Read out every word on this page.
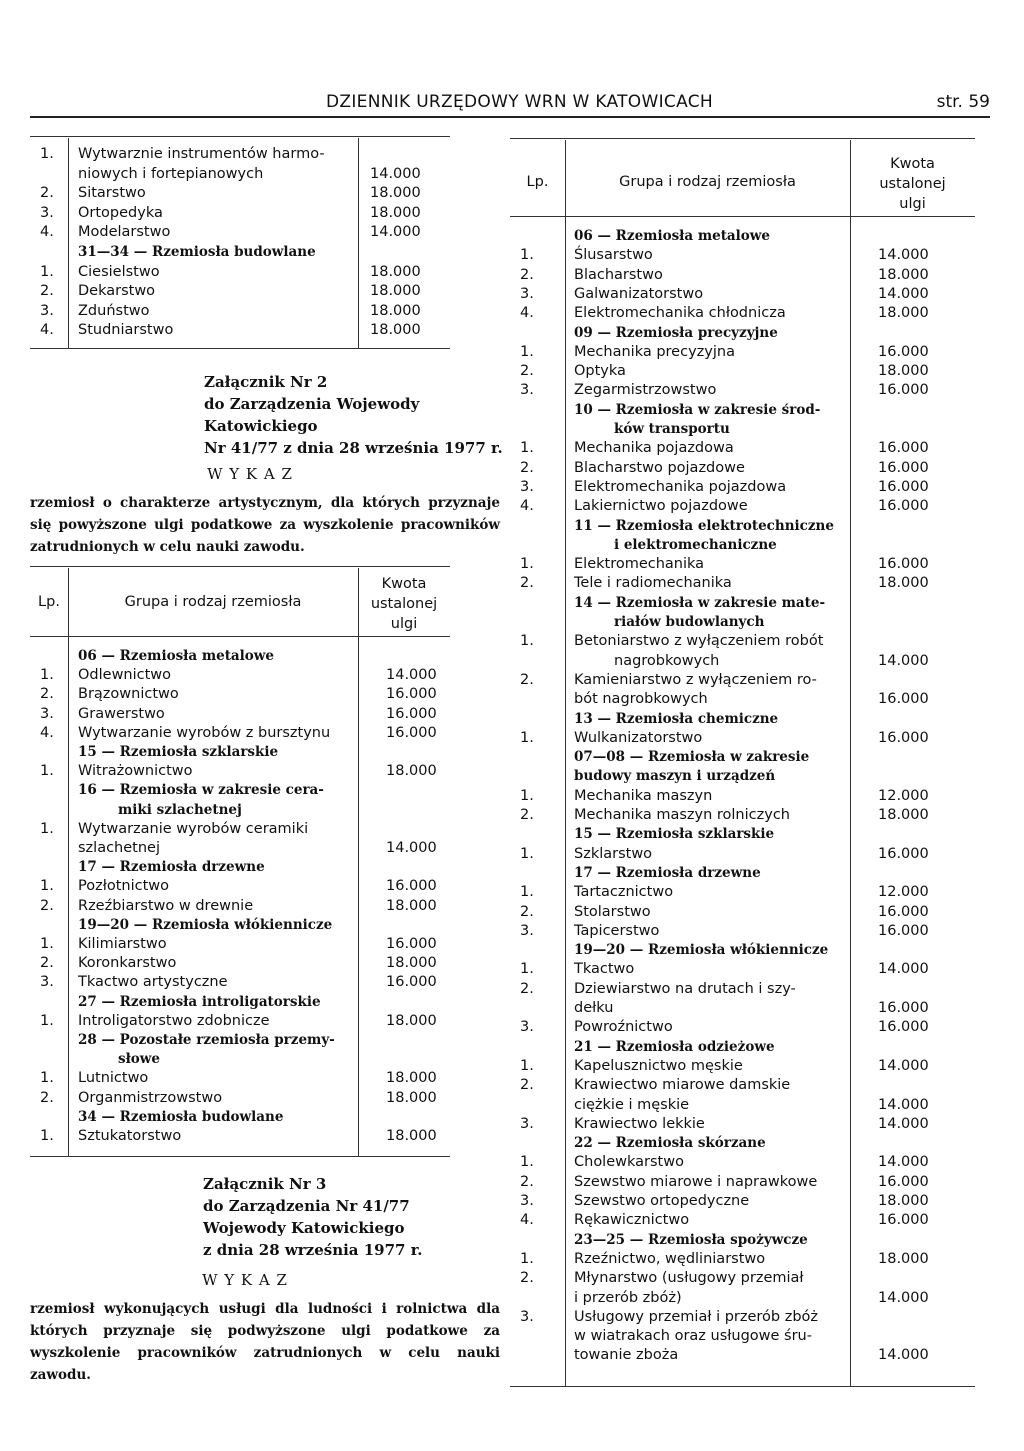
DZIENNIK URZĘDOWY WRN W KATOWICACH	str. 59
1.	Wytwarznie instrumentów harmo-
niowych i fortepianowych	14.000
2.	Sitarstwo	18.000
3.	Ortopedyka	18.000
4.	Modelarstwo	14.000
31—34 — Rzemiosła budowlane
1.	Ciesielstwo	18.000
2.	Dekarstwo	18.000
3.	Zduństwo	18.000
4.	Studniarstwo	18.000
Załącznik Nr 2
do Zarządzenia Wojewody
Katowickiego
Nr 41/77 z dnia 28 września 1977 r.
W Y K A Z
rzemiosł o charakterze artystycznym, dla których przyznaje się powyższone ulgi podatkowe za wyszkolenie pracowników zatrudnionych w celu nauki zawodu.
Lp.	Grupa i rodzaj rzemiosła
Kwota
ustalonej
ulgi
06 — Rzemiosła metalowe
1.	Odlewnictwo	14.000
2.	Brązownictwo	16.000
3.	Grawerstwo	16.000
4.	Wytwarzanie wyrobów z bursztynu	16.000
15 — Rzemiosła szklarskie
1.	Witrażownictwo	18.000
16 — Rzemiosła w zakresie cera-
miki szlachetnej
1.	Wytwarzanie wyrobów ceramiki
szlachetnej	14.000
17 — Rzemiosła drzewne
1.	Pozłotnictwo	16.000
2.	Rzeźbiarstwo w drewnie	18.000
19—20 — Rzemiosła włókiennicze
1.	Kilimiarstwo	16.000
2.	Koronkarstwo	18.000
3.	Tkactwo artystyczne	16.000
27 — Rzemiosła introligatorskie
1.	Introligatorstwo zdobnicze	18.000
28 — Pozostałe rzemiosła przemy-
słowe
1.	Lutnictwo	18.000
2.	Organmistrzowstwo	18.000
34 — Rzemiosła budowlane
1.	Sztukatorstwo	18.000
Załącznik Nr 3
do Zarządzenia Nr 41/77
Wojewody Katowickiego
z dnia 28 września 1977 r.
W Y K A Z
rzemiosł wykonujących usługi dla ludności i rolnictwa dla których przyznaje się podwyższone ulgi podatkowe za wyszkolenie pracowników zatrudnionych w celu nauki zawodu.
Lp.	Grupa i rodzaj rzemiosła
Kwota
ustalonej
ulgi
06 — Rzemiosła metalowe
1.	Ślusarstwo	14.000
2.	Blacharstwo	18.000
3.	Galwanizatorstwo	14.000
4.	Elektromechanika chłodnicza	18.000
09 — Rzemiosła precyzyjne
1.	Mechanika precyzyjna	16.000
2.	Optyka	18.000
3.	Zegarmistrzowstwo	16.000
10 — Rzemiosła w zakresie środ-
ków transportu
1.	Mechanika pojazdowa	16.000
2.	Blacharstwo pojazdowe	16.000
3.	Elektromechanika pojazdowa	16.000
4.	Lakiernictwo pojazdowe	16.000
11 — Rzemiosła elektrotechniczne
i elektromechaniczne
1.	Elektromechanika	16.000
2.	Tele i radiomechanika	18.000
14 — Rzemiosła w zakresie mate-
riałów budowlanych
1.	Betoniarstwo z wyłączeniem robót
nagrobkowych	14.000
2.	Kamieniarstwo z wyłączeniem ro-
bót nagrobkowych	16.000
13 — Rzemiosła chemiczne
1.	Wulkanizatorstwo	16.000
07—08 — Rzemiosła w zakresie
budowy maszyn i urządzeń
1.	Mechanika maszyn	12.000
2.	Mechanika maszyn rolniczych	18.000
15 — Rzemiosła szklarskie
1.	Szklarstwo	16.000
17 — Rzemiosła drzewne
1.	Tartacznictwo	12.000
2.	Stolarstwo	16.000
3.	Tapicerstwo	16.000
19—20 — Rzemiosła włókiennicze
1.	Tkactwo	14.000
2.	Dziewiarstwo na drutach i szy-
dełku	16.000
3.	Powroźnictwo	16.000
21 — Rzemiosła odzieżowe
1.	Kapelusznictwo męskie	14.000
2.	Krawiectwo miarowe damskie
ciężkie i męskie	14.000
3.	Krawiectwo lekkie	14.000
22 — Rzemiosła skórzane
1.	Cholewkarstwo	14.000
2.	Szewstwo miarowe i naprawkowe	16.000
3.	Szewstwo ortopedyczne	18.000
4.	Rękawicznictwo	16.000
23—25 — Rzemiosła spożywcze
1.	Rzeźnictwo, wędliniarstwo	18.000
2.	Młynarstwo (usługowy przemiał
i przerób zbóż)	14.000
3.	Usługowy przemiał i przerób zbóż
w wiatrakach oraz usługowe śru-
towanie zboża	14.000
